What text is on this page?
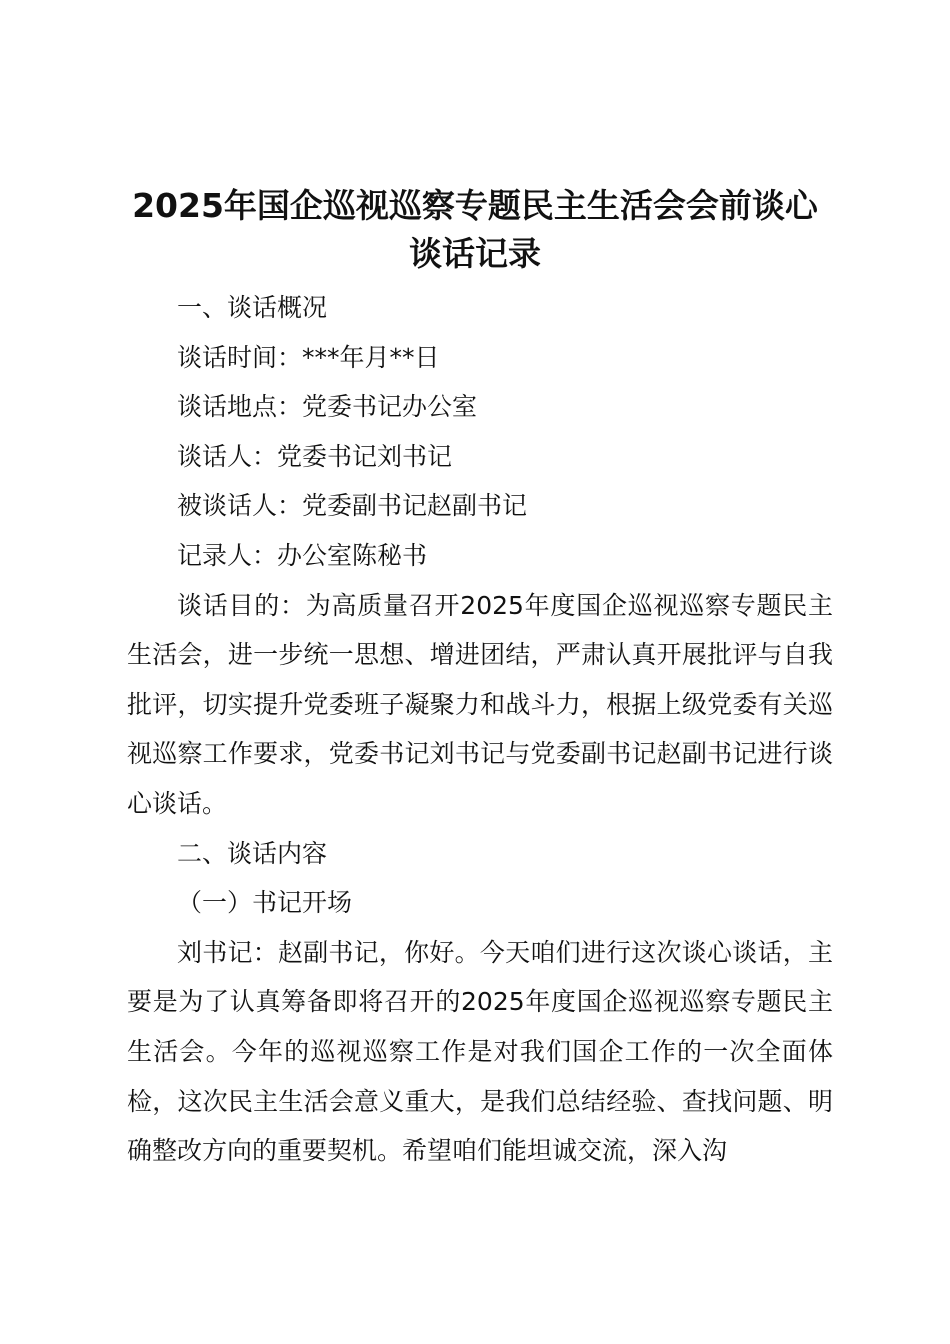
2025年国企巡视巡察专题民主生活会会前谈心谈话记录

一、谈话概况

谈话时间：***年月**日

谈话地点：党委书记办公室

谈话人：党委书记刘书记

被谈话人：党委副书记赵副书记

记录人：办公室陈秘书

谈话目的：为高质量召开2025年度国企巡视巡察专题民主生活会，进一步统一思想、增进团结，严肃认真开展批评与自我批评，切实提升党委班子凝聚力和战斗力，根据上级党委有关巡视巡察工作要求，党委书记刘书记与党委副书记赵副书记进行谈心谈话。

二、谈话内容

（一）书记开场

刘书记：赵副书记，你好。今天咱们进行这次谈心谈话，主要是为了认真筹备即将召开的2025年度国企巡视巡察专题民主生活会。今年的巡视巡察工作是对我们国企工作的一次全面体检，这次民主生活会意义重大，是我们总结经验、查找问题、明确整改方向的重要契机。希望咱们能坦诚交流，深入沟
